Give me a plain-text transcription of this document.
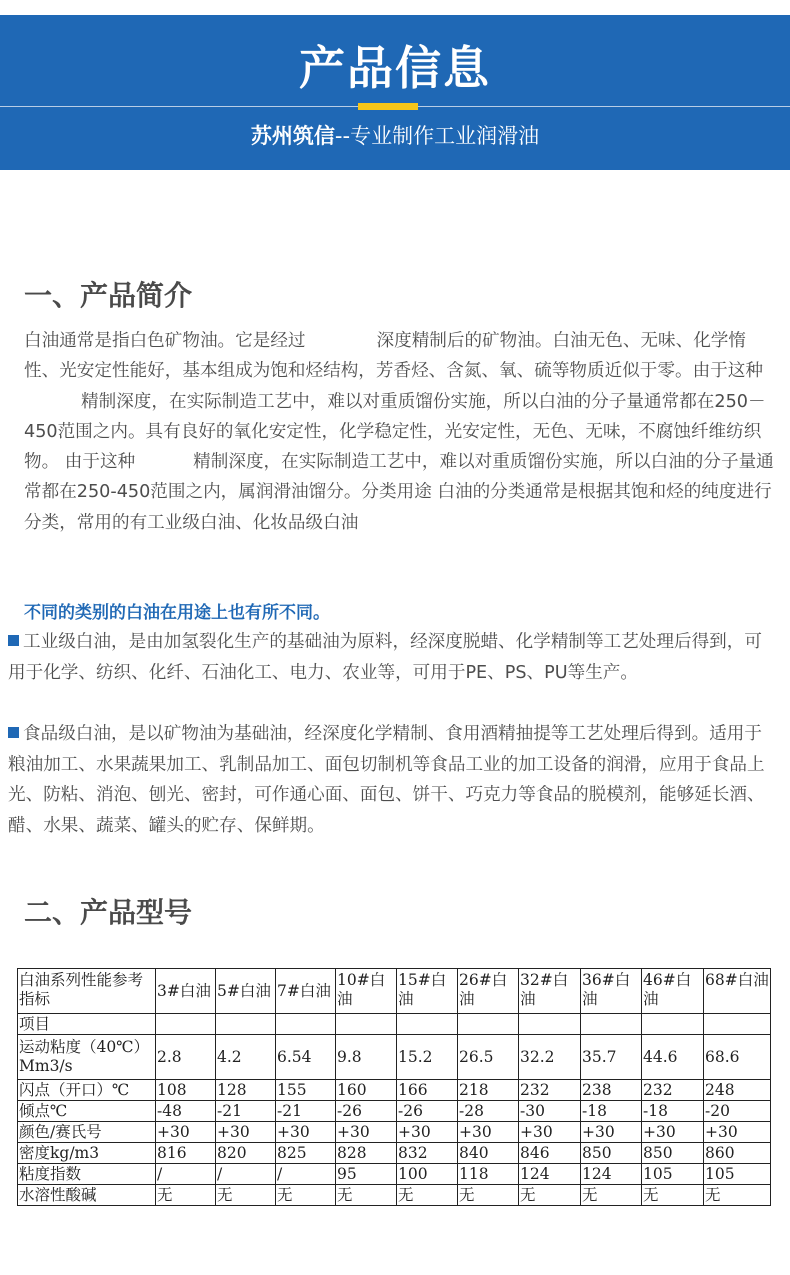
产品信息
苏州筑信--专业制作工业润滑油
一、产品简介

白油通常是指白色矿物油。它是经过	深度精制后的矿物油。白油无色、无味、化学惰性、光安定性能好，基本组成为饱和烃结构，芳香烃、含氮、氧、硫等物质近似于零。由于这种精制深度，在实际制造工艺中，难以对重质馏份实施，所以白油的分子量通常都在250－450范围之内。具有良好的氧化安定性，化学稳定性，光安定性，无色、无味，不腐蚀纤维纺织物。 由于这种	精制深度，在实际制造工艺中，难以对重质馏份实施，所以白油的分子量通常都在250-450范围之内，属润滑油馏分。分类用途 白油的分类通常是根据其饱和烃的纯度进行分类，常用的有工业级白油、化妆品级白油

不同的类别的白油在用途上也有所不同。

工业级白油，是由加氢裂化生产的基础油为原料，经深度脱蜡、化学精制等工艺处理后得到，可用于化学、纺织、化纤、石油化工、电力、农业等，可用于PE、PS、PU等生产。

食品级白油，是以矿物油为基础油，经深度化学精制、食用酒精抽提等工艺处理后得到。适用于粮油加工、水果蔬果加工、乳制品加工、面包切制机等食品工业的加工设备的润滑，应用于食品上光、防粘、消泡、刨光、密封，可作通心面、面包、饼干、巧克力等食品的脱模剂，能够延长酒、醋、水果、蔬菜、罐头的贮存、保鲜期。

二、产品型号
白油系列性能参考指标	3#白油	5#白油	7#白油	10#白油	15#白油	26#白油	32#白油	36#白油	46#白油	68#白油
项目										
运动粘度（40℃）Mm3/s	2.8	4.2	6.54	9.8	15.2	26.5	32.2	35.7	44.6	68.6
闪点（开口）℃	108	128	155	160	166	218	232	238	232	248
倾点℃	-48	-21	-21	-26	-26	-28	-30	-18	-18	-20
颜色/赛氏号	+30	+30	+30	+30	+30	+30	+30	+30	+30	+30
密度kg/m3	816	820	825	828	832	840	846	850	850	860
粘度指数	/	/	/	95	100	118	124	124	105	105
水溶性酸碱	无	无	无	无	无	无	无	无	无	无
